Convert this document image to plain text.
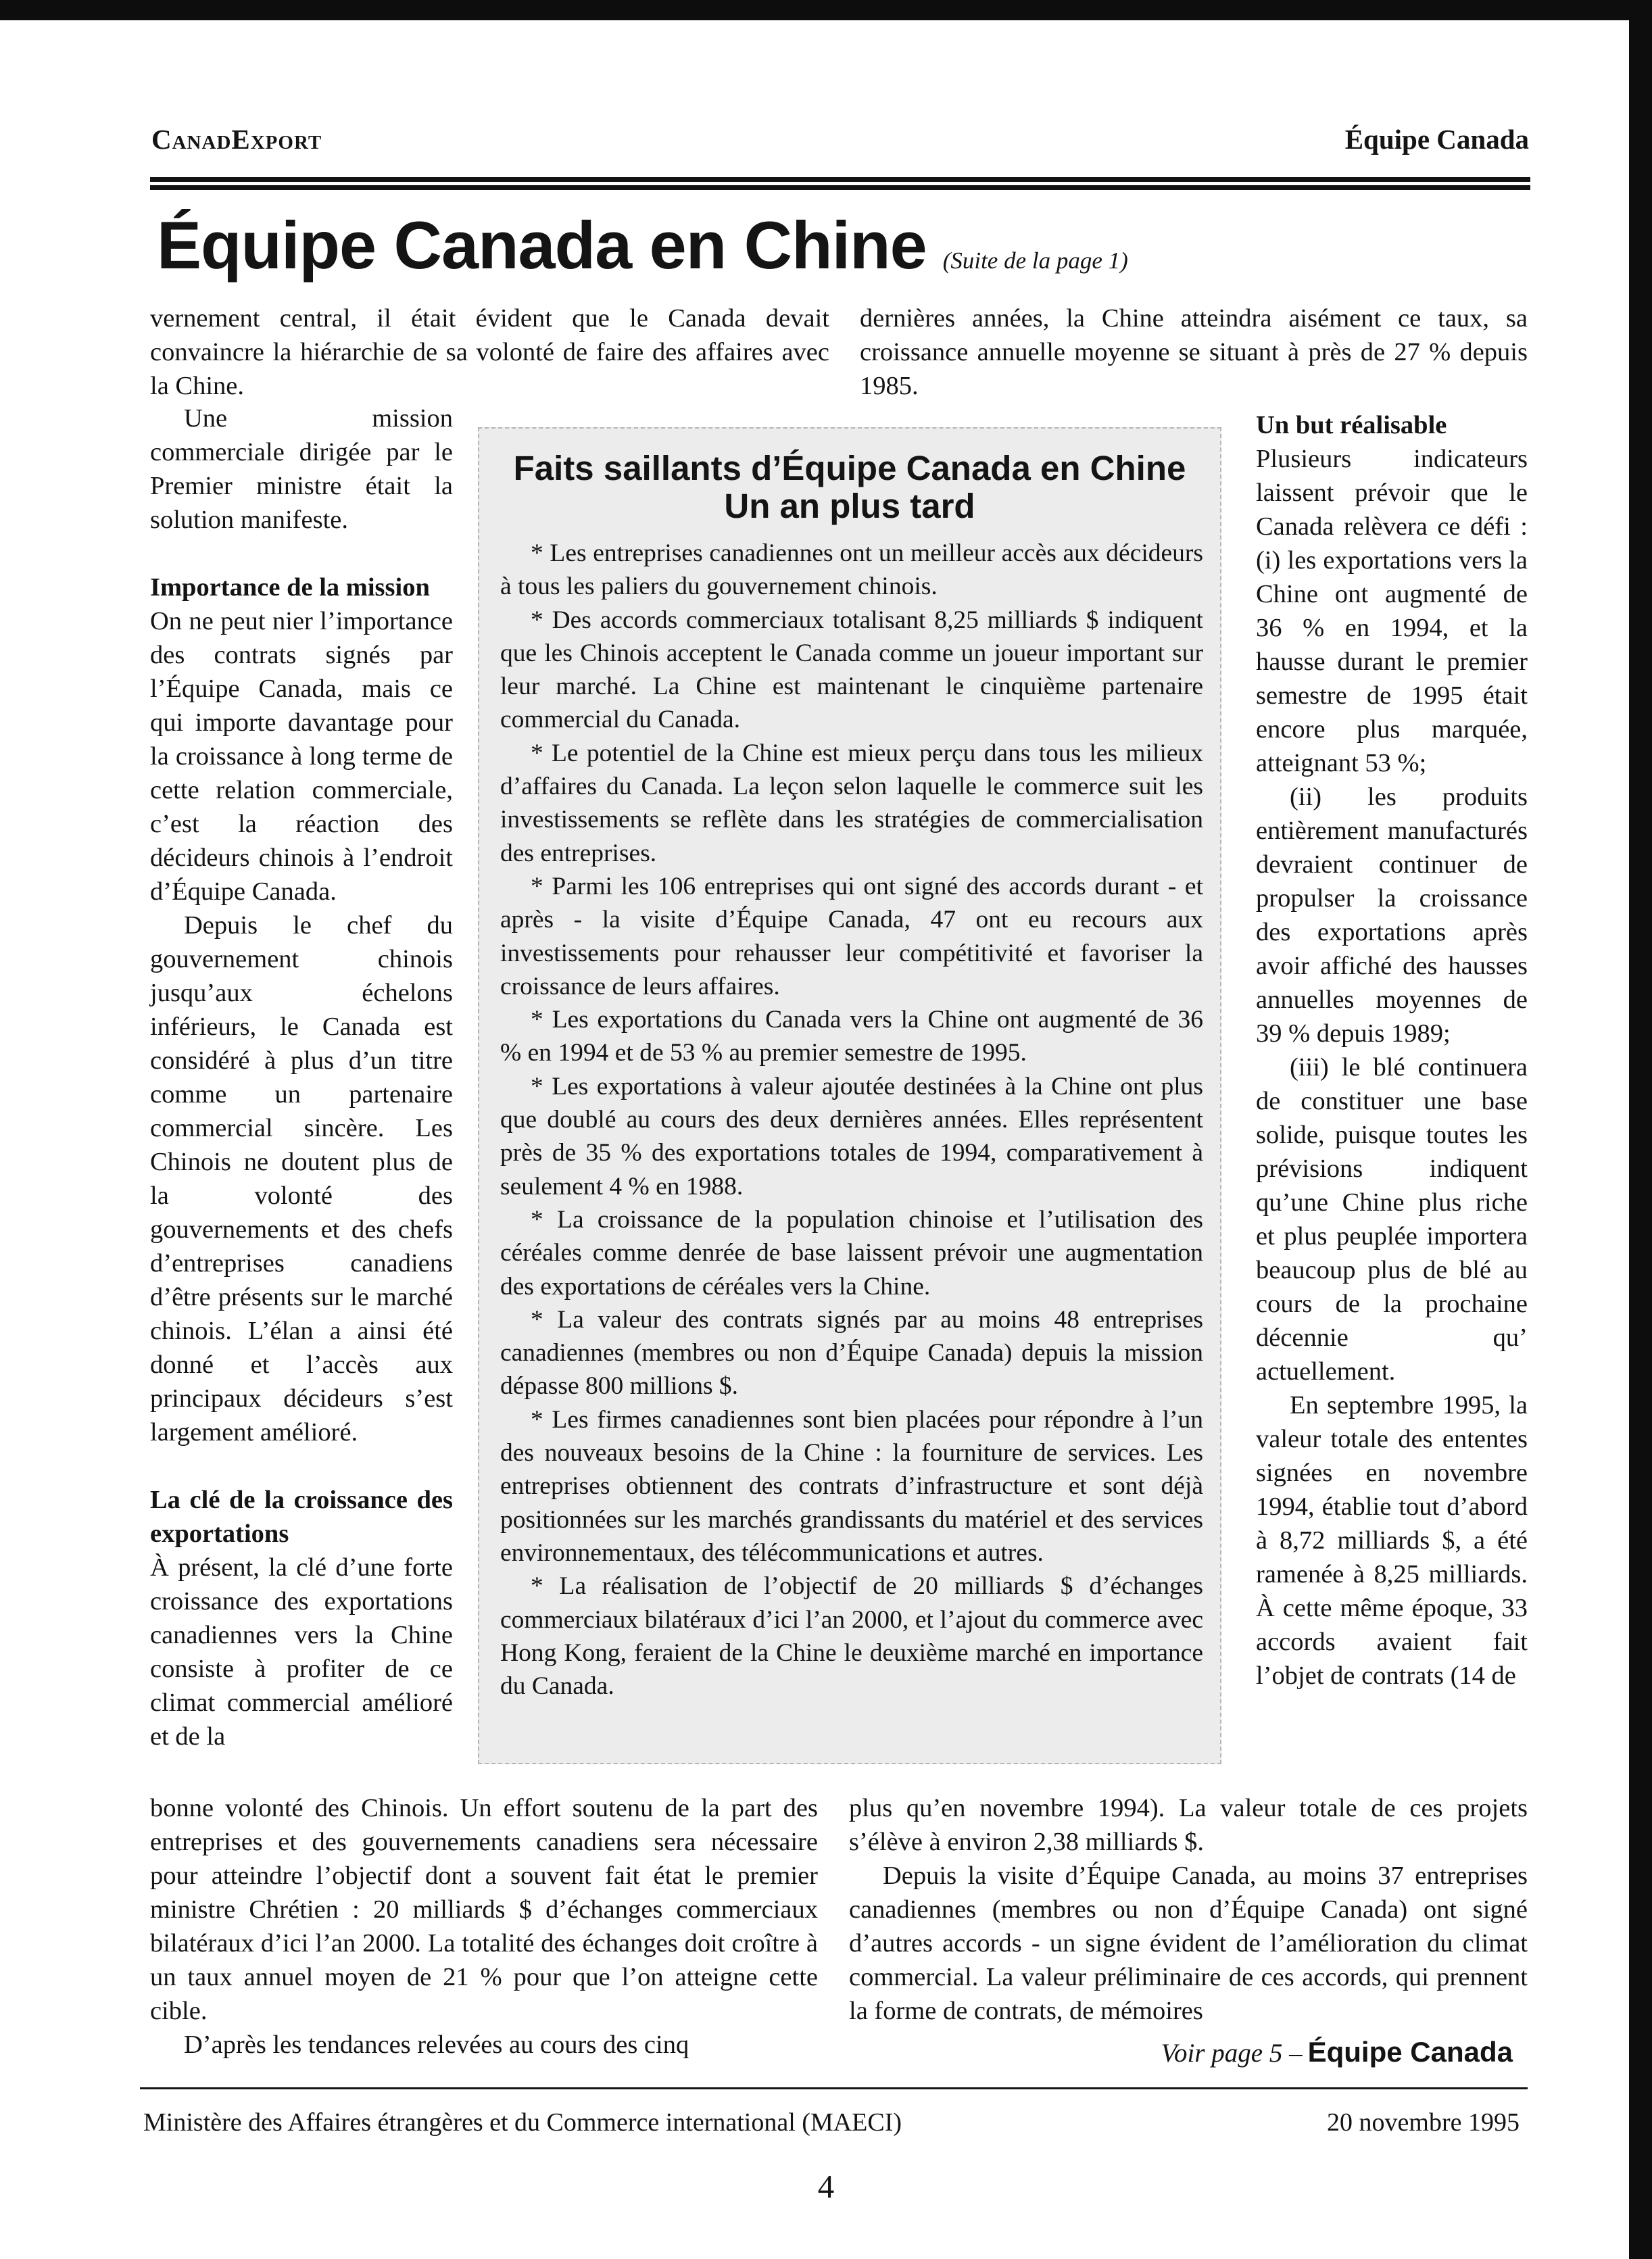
CanadExport	Équipe Canada
Équipe Canada en Chine (Suite de la page 1)

vernement central, il était évident que le Canada devait convaincre la hiérarchie de sa volonté de faire des affaires avec la Chine.

dernières années, la Chine atteindra aisément ce taux, sa croissance annuelle moyenne se situant à près de 27 % depuis 1985.

Une mission commerciale dirigée par le Premier ministre était la solution manifeste.

Importance de la mission

On ne peut nier l’importance des contrats signés par l’Équipe Canada, mais ce qui importe davantage pour la croissance à long terme de cette relation commerciale, c’est la réaction des décideurs chinois à l’endroit d’Équipe Canada.

Depuis le chef du gouvernement chinois jusqu’aux échelons inférieurs, le Canada est considéré à plus d’un titre comme un partenaire commercial sincère. Les Chinois ne doutent plus de la volonté des gouvernements et des chefs d’entreprises canadiens d’être présents sur le marché chinois. L’élan a ainsi été donné et l’accès aux principaux décideurs s’est largement amélioré.

La clé de la croissance des exportations

À présent, la clé d’une forte croissance des exportations canadiennes vers la Chine consiste à profiter de ce climat commercial amélioré et de la

Faits saillants d’Équipe Canada en Chine
Un an plus tard

* Les entreprises canadiennes ont un meilleur accès aux décideurs à tous les paliers du gouvernement chinois.

* Des accords commerciaux totalisant 8,25 milliards $ indiquent que les Chinois acceptent le Canada comme un joueur important sur leur marché. La Chine est maintenant le cinquième partenaire commercial du Canada.

* Le potentiel de la Chine est mieux perçu dans tous les milieux d’affaires du Canada. La leçon selon laquelle le commerce suit les investissements se reflète dans les stratégies de commercialisation des entreprises.

* Parmi les 106 entreprises qui ont signé des accords durant - et après - la visite d’Équipe Canada, 47 ont eu recours aux investissements pour rehausser leur compétitivité et favoriser la croissance de leurs affaires.

* Les exportations du Canada vers la Chine ont augmenté de 36 % en 1994 et de 53 % au premier semestre de 1995.

* Les exportations à valeur ajoutée destinées à la Chine ont plus que doublé au cours des deux dernières années. Elles représentent près de 35 % des exportations totales de 1994, comparativement à seulement 4 % en 1988.

* La croissance de la population chinoise et l’utilisation des céréales comme denrée de base laissent prévoir une augmentation des exportations de céréales vers la Chine.

* La valeur des contrats signés par au moins 48 entreprises canadiennes (membres ou non d’Équipe Canada) depuis la mission dépasse 800 millions $.

* Les firmes canadiennes sont bien placées pour répondre à l’un des nouveaux besoins de la Chine : la fourniture de services. Les entreprises obtiennent des contrats d’infrastructure et sont déjà positionnées sur les marchés grandissants du matériel et des services environnementaux, des télécommunications et autres.

* La réalisation de l’objectif de 20 milliards $ d’échanges commerciaux bilatéraux d’ici l’an 2000, et l’ajout du commerce avec Hong Kong, feraient de la Chine le deuxième marché en importance du Canada.

Un but réalisable

Plusieurs indicateurs laissent prévoir que le Canada relèvera ce défi : (i) les exportations vers la Chine ont augmenté de 36 % en 1994, et la hausse durant le premier semestre de 1995 était encore plus marquée, atteignant 53 %;

(ii) les produits entièrement manufacturés devraient continuer de propulser la croissance des exportations après avoir affiché des hausses annuelles moyennes de 39 % depuis 1989;

(iii) le blé continuera de constituer une base solide, puisque toutes les prévisions indiquent qu’une Chine plus riche et plus peuplée importera beaucoup plus de blé au cours de la prochaine décennie qu’ actuellement.

En septembre 1995, la valeur totale des ententes signées en novembre 1994, établie tout d’abord à 8,72 milliards $, a été ramenée à 8,25 milliards. À cette même époque, 33 accords avaient fait l’objet de contrats (14 de

bonne volonté des Chinois. Un effort soutenu de la part des entreprises et des gouvernements canadiens sera nécessaire pour atteindre l’objectif dont a souvent fait état le premier ministre Chrétien : 20 milliards $ d’échanges commerciaux bilatéraux d’ici l’an 2000. La totalité des échanges doit croître à un taux annuel moyen de 21 % pour que l’on atteigne cette cible.

D’après les tendances relevées au cours des cinq

plus qu’en novembre 1994). La valeur totale de ces projets s’élève à environ 2,38 milliards $.

Depuis la visite d’Équipe Canada, au moins 37 entreprises canadiennes (membres ou non d’Équipe Canada) ont signé d’autres accords - un signe évident de l’amélioration du climat commercial. La valeur préliminaire de ces accords, qui prennent la forme de contrats, de mémoires

Voir page 5 – Équipe Canada
Ministère des Affaires étrangères et du Commerce international (MAECI)	20 novembre 1995
4
